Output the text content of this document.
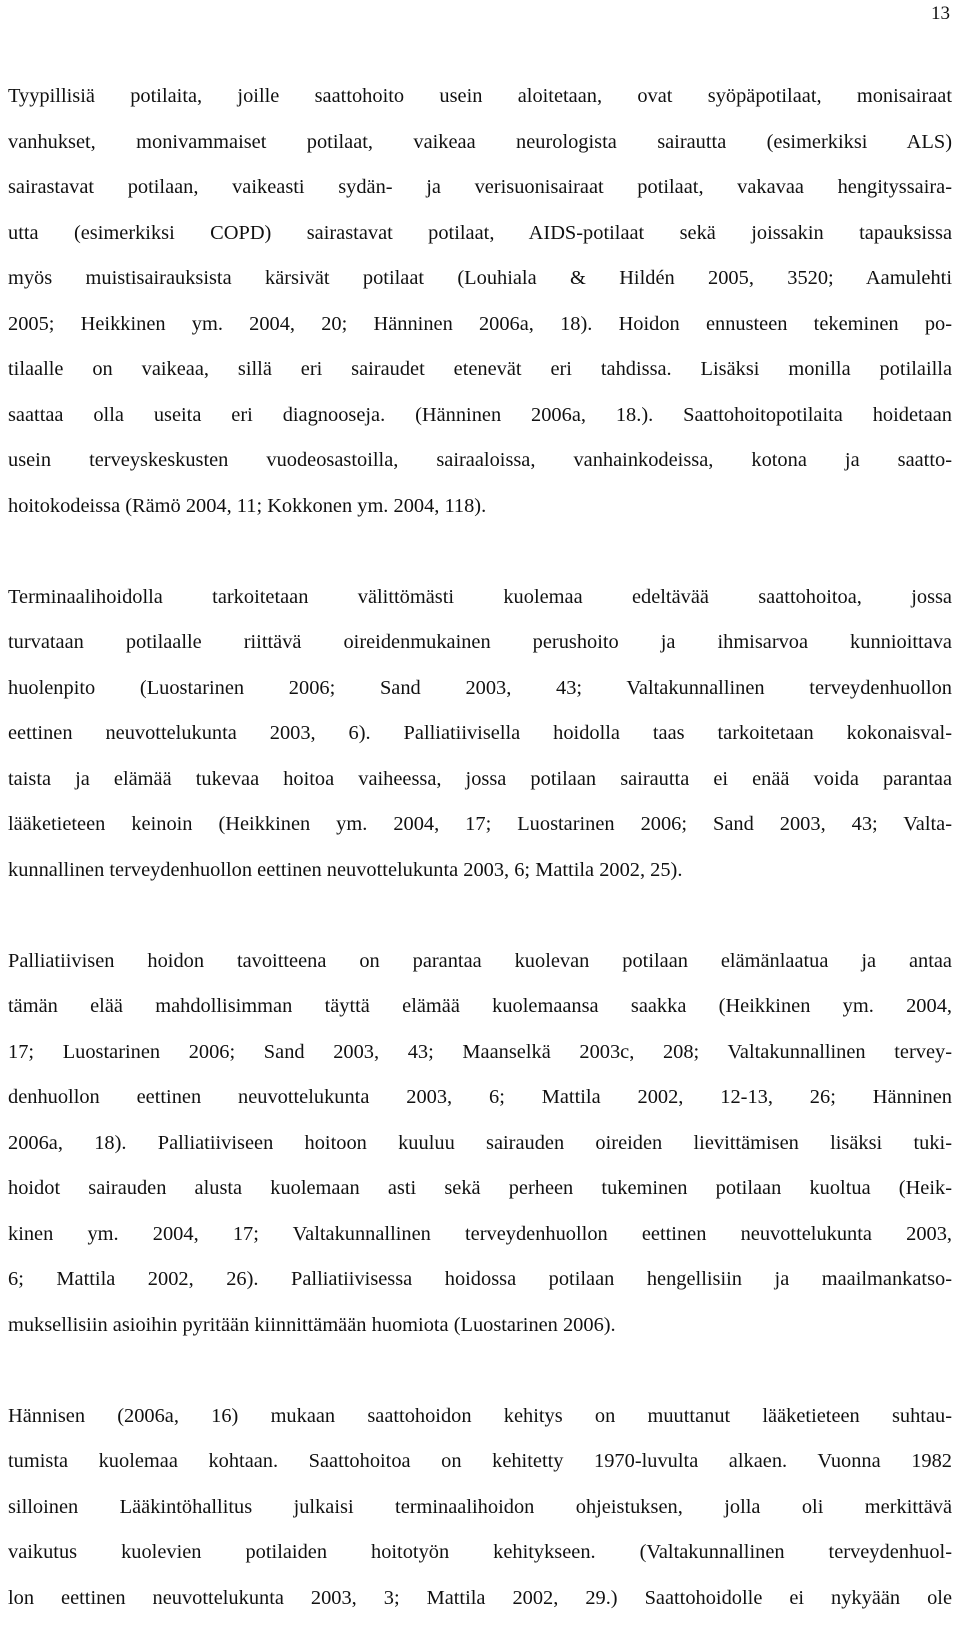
13
Tyypillisiä potilaita, joille saattohoito usein aloitetaan, ovat syöpäpotilaat, monisairaat
vanhukset, monivammaiset potilaat, vaikeaa neurologista sairautta (esimerkiksi ALS)
sairastavat potilaan, vaikeasti sydän- ja verisuonisairaat potilaat, vakavaa hengityssaira-
utta (esimerkiksi COPD) sairastavat potilaat, AIDS-potilaat sekä joissakin tapauksissa
myös muistisairauksista kärsivät potilaat (Louhiala & Hildén 2005, 3520; Aamulehti
2005; Heikkinen ym. 2004, 20; Hänninen 2006a, 18). Hoidon ennusteen tekeminen po-
tilaalle on vaikeaa, sillä eri sairaudet etenevät eri tahdissa. Lisäksi monilla potilailla
saattaa olla useita eri diagnooseja. (Hänninen 2006a, 18.). Saattohoitopotilaita hoidetaan
usein terveyskeskusten vuodeosastoilla, sairaaloissa, vanhainkodeissa, kotona ja saatto-
hoitokodeissa (Rämö 2004, 11; Kokkonen ym. 2004, 118).
Terminaalihoidolla tarkoitetaan välittömästi kuolemaa edeltävää saattohoitoa, jossa
turvataan potilaalle riittävä oireidenmukainen perushoito ja ihmisarvoa kunnioittava
huolenpito (Luostarinen 2006; Sand 2003, 43; Valtakunnallinen terveydenhuollon
eettinen neuvottelukunta 2003, 6). Palliatiivisella hoidolla taas tarkoitetaan kokonaisval-
taista ja elämää tukevaa hoitoa vaiheessa, jossa potilaan sairautta ei enää voida parantaa
lääketieteen keinoin (Heikkinen ym. 2004, 17; Luostarinen 2006; Sand 2003, 43; Valta-
kunnallinen terveydenhuollon eettinen neuvottelukunta 2003, 6; Mattila 2002, 25).
Palliatiivisen hoidon tavoitteena on parantaa kuolevan potilaan elämänlaatua ja antaa
tämän elää mahdollisimman täyttä elämää kuolemaansa saakka (Heikkinen ym. 2004,
17; Luostarinen 2006; Sand 2003, 43; Maanselkä 2003c, 208; Valtakunnallinen tervey-
denhuollon eettinen neuvottelukunta 2003, 6; Mattila 2002, 12-13, 26; Hänninen
2006a, 18). Palliatiiviseen hoitoon kuuluu sairauden oireiden lievittämisen lisäksi tuki-
hoidot sairauden alusta kuolemaan asti sekä perheen tukeminen potilaan kuoltua (Heik-
kinen ym. 2004, 17; Valtakunnallinen terveydenhuollon eettinen neuvottelukunta 2003,
6; Mattila 2002, 26). Palliatiivisessa hoidossa potilaan hengellisiin ja maailmankatso-
muksellisiin asioihin pyritään kiinnittämään huomiota (Luostarinen 2006).
Hännisen (2006a, 16) mukaan saattohoidon kehitys on muuttanut lääketieteen suhtau-
tumista kuolemaa kohtaan. Saattohoitoa on kehitetty 1970-luvulta alkaen. Vuonna 1982
silloinen Lääkintöhallitus julkaisi terminaalihoidon ohjeistuksen, jolla oli merkittävä
vaikutus kuolevien potilaiden hoitotyön kehitykseen. (Valtakunnallinen terveydenhuol-
lon eettinen neuvottelukunta 2003, 3; Mattila 2002, 29.) Saattohoidolle ei nykyään ole
